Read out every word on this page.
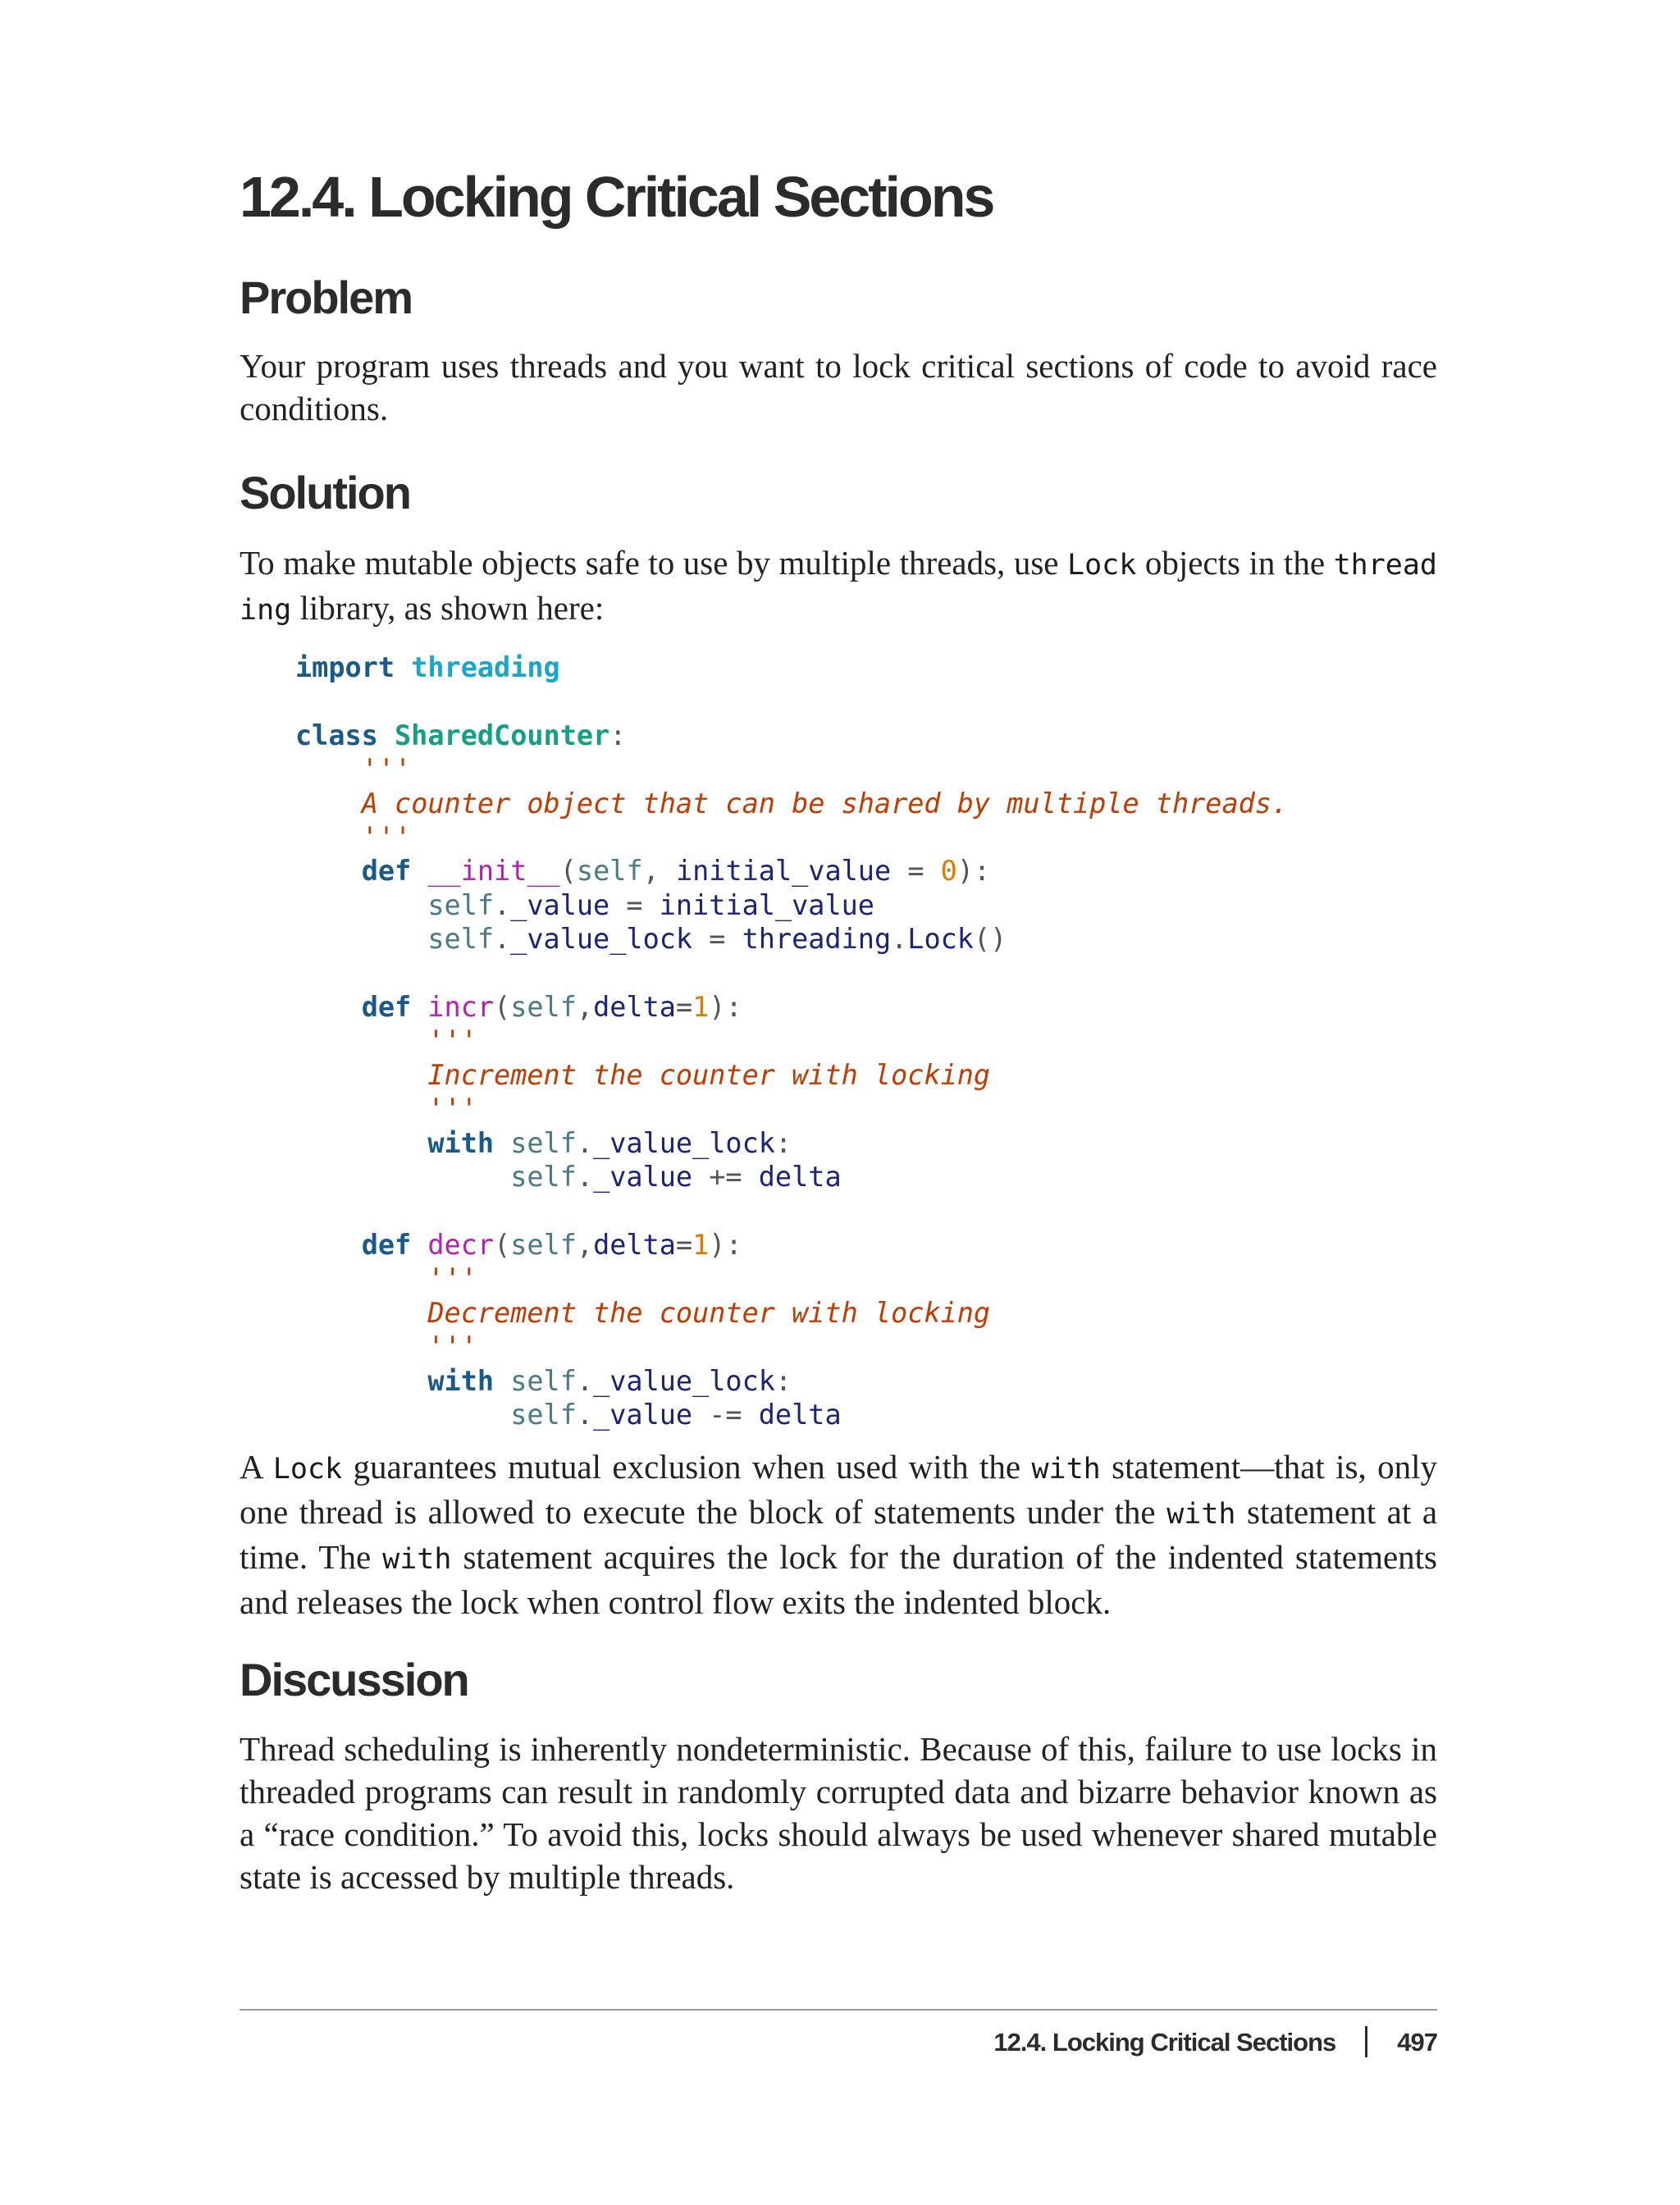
12.4. Locking Critical Sections
Problem

Your program uses threads and you want to lock critical sections of code to avoid race conditions.

Solution

To make mutable objects safe to use by multiple threads, use Lock objects in the thread ing library, as shown here:

import threading

class SharedCounter:
'''
A counter object that can be shared by multiple threads.
'''
def __init__(self, initial_value = 0):
self._value = initial_value
self._value_lock = threading.Lock()

def incr(self,delta=1):
'''
Increment the counter with locking
'''
with self._value_lock:
self._value += delta

def decr(self,delta=1):
'''
Decrement the counter with locking
'''
with self._value_lock:
self._value -= delta

A Lock guarantees mutual exclusion when used with the with statement—that is, only one thread is allowed to execute the block of statements under the with statement at a time. The with statement acquires the lock for the duration of the indented statements and releases the lock when control flow exits the indented block.

Discussion

Thread scheduling is inherently nondeterministic. Because of this, failure to use locks in threaded programs can result in randomly corrupted data and bizarre behavior known as a “race condition.” To avoid this, locks should always be used whenever shared mutable state is accessed by multiple threads.

12.4. Locking Critical Sections 497
